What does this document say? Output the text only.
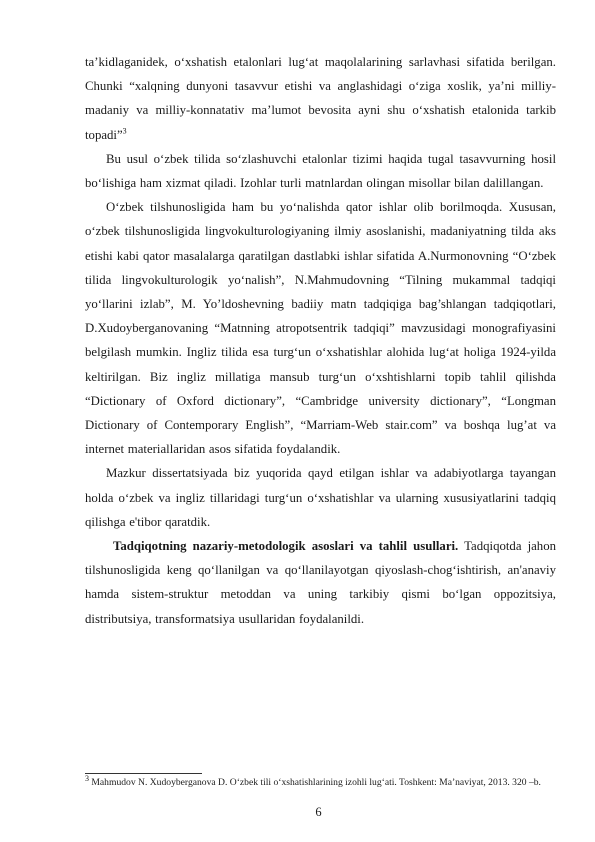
ta’kidlaganidek, o‘xshatish etalonlari lug‘at maqolalarining sarlavhasi sifatida berilgan. Chunki “xalqning dunyoni tasavvur etishi va anglashidagi o‘ziga xoslik, ya’ni milliy-madaniy va milliy-konnatativ ma’lumot bevosita ayni shu o‘xshatish etalonida tarkib topadi”$^3$

Bu usul o‘zbek tilida so‘zlashuvchi etalonlar tizimi haqida tugal tasavvurning hosil bo‘lishiga ham xizmat qiladi. Izohlar turli matnlardan olingan misollar bilan dalillangan.

O‘zbek tilshunosligida ham bu yo‘nalishda qator ishlar olib borilmoqda. Xususan, o‘zbek tilshunosligida lingvokulturologiyaning ilmiy asoslanishi, madaniyatning tilda aks etishi kabi qator masalalarga qaratilgan dastlabki ishlar sifatida A.Nurmonovning “O‘zbek tilida lingvokulturologik yo‘nalish”, N.Mahmudovning “Tilning mukammal tadqiqi yo‘llarini izlab”, M. Yo’ldoshevning badiiy matn tadqiqiga bag’shlangan tadqiqotlari, D.Xudoyberganovaning “Matnning atropotsentrik tadqiqi” mavzusidagi monografiyasini belgilash mumkin. Ingliz tilida esa turg‘un o‘xshatishlar alohida lug‘at holiga 1924-yilda keltirilgan. Biz ingliz millatiga mansub turg‘un o‘xshtishlarni topib tahlil qilishda “Dictionary of Oxford dictionary”, “Cambridge university dictionary”, “Longman Dictionary of Contemporary English”, “Marriam-Web stair.com” va boshqa lug’at va internet materiallaridan asos sifatida foydalandik.

Mazkur dissertatsiyada biz yuqorida qayd etilgan ishlar va adabiyotlarga tayangan holda o‘zbek va ingliz tillaridagi turg‘un o‘xshatishlar va ularning xususiyatlarini tadqiq qilishga e'tibor qaratdik.

Tadqiqotning nazariy-metodologik asoslari va tahlil usullari. Tadqiqotda jahon tilshunosligida keng qo‘llanilgan va qo‘llanilayotgan qiyoslash-chog‘ishtirish, an'anaviy hamda sistem-struktur metoddan va uning tarkibiy qismi bo‘lgan oppozitsiya, distributsiya, transformatsiya usullaridan foydalanildi.

$^3$ Mahmudov N. Xudoyberganova D. O‘zbek tili o‘xshatishlarining izohli lug‘ati. Toshkent: Ma’naviyat, 2013. 320 –b.

6
